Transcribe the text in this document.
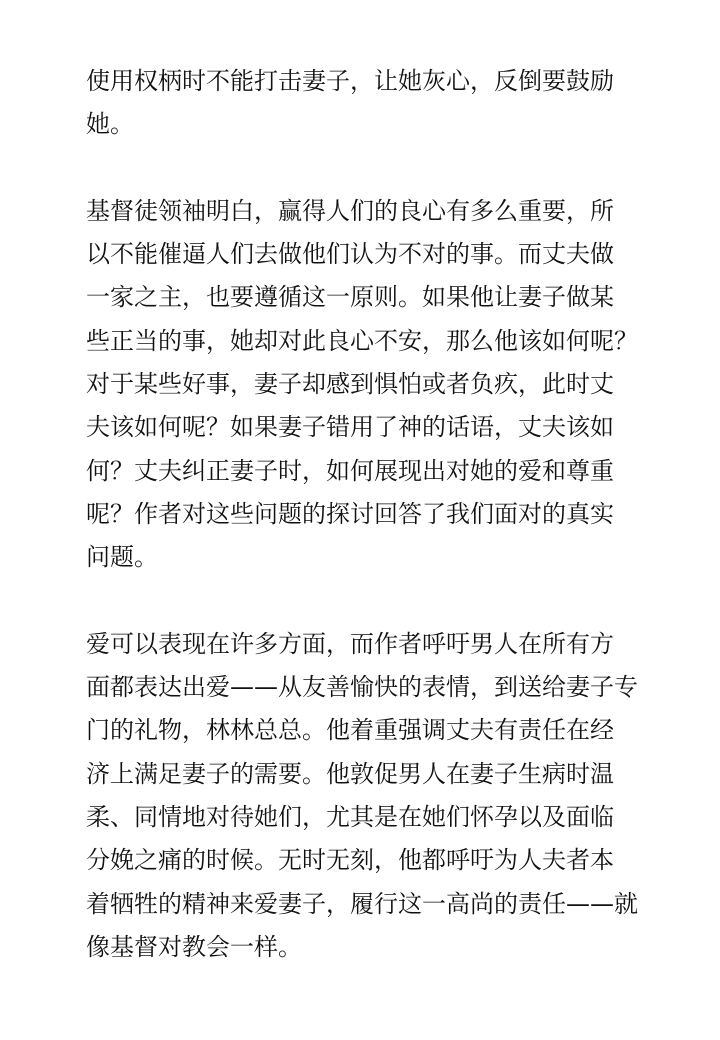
使用权柄时不能打击妻子，让她灰心，反倒要鼓励
她。

基督徒领袖明白，赢得人们的良心有多么重要，所
以不能催逼人们去做他们认为不对的事。而丈夫做
一家之主，也要遵循这一原则。如果他让妻子做某
些正当的事，她却对此良心不安，那么他该如何呢？
对于某些好事，妻子却感到惧怕或者负疚，此时丈
夫该如何呢？如果妻子错用了神的话语，丈夫该如
何？丈夫纠正妻子时，如何展现出对她的爱和尊重
呢？作者对这些问题的探讨回答了我们面对的真实
问题。

爱可以表现在许多方面，而作者呼吁男人在所有方
面都表达出爱——从友善愉快的表情，到送给妻子专
门的礼物，林林总总。他着重强调丈夫有责任在经
济上满足妻子的需要。他敦促男人在妻子生病时温
柔、同情地对待她们，尤其是在她们怀孕以及面临
分娩之痛的时候。无时无刻，他都呼吁为人夫者本
着牺牲的精神来爱妻子，履行这一高尚的责任——就
像基督对教会一样。
